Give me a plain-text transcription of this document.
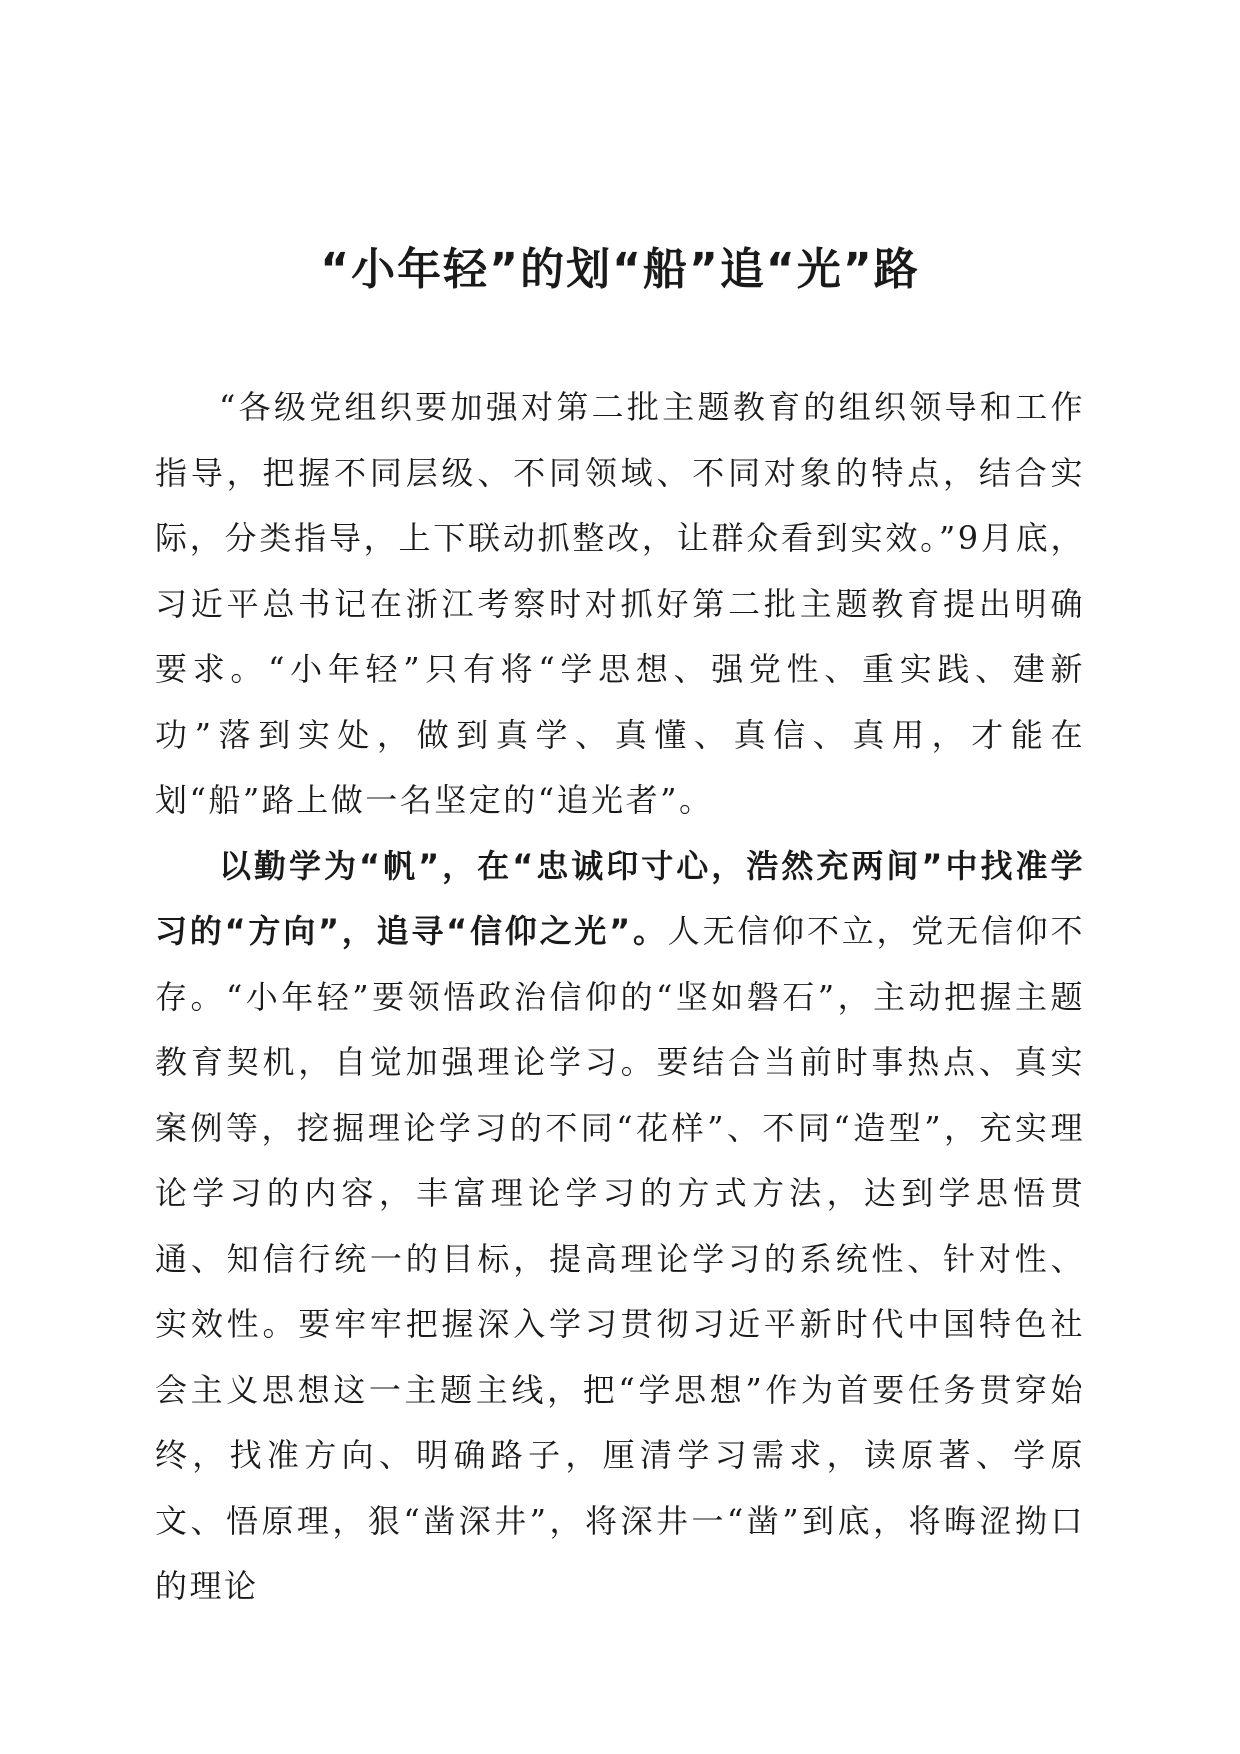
“小年轻”的划“船”追“光”路

“各级党组织要加强对第二批主题教育的组织领导和工作指导，把握不同层级、不同领域、不同对象的特点，结合实际，分类指导，上下联动抓整改，让群众看到实效。”9月底，习近平总书记在浙江考察时对抓好第二批主题教育提出明确要求。“小年轻”只有将“学思想、强党性、重实践、建新功”落到实处，做到真学、真懂、真信、真用，才能在划“船”路上做一名坚定的“追光者”。

以勤学为“帆”，在“忠诚印寸心，浩然充两间”中找准学习的“方向”，追寻“信仰之光”。人无信仰不立，党无信仰不存。“小年轻”要领悟政治信仰的“坚如磐石”，主动把握主题教育契机，自觉加强理论学习。要结合当前时事热点、真实案例等，挖掘理论学习的不同“花样”、不同“造型”，充实理论学习的内容，丰富理论学习的方式方法，达到学思悟贯通、知信行统一的目标，提高理论学习的系统性、针对性、实效性。要牢牢把握深入学习贯彻习近平新时代中国特色社会主义思想这一主题主线，把“学思想”作为首要任务贯穿始终，找准方向、明确路子，厘清学习需求，读原著、学原文、悟原理，狠“凿深井”，将深井一“凿”到底，将晦涩拗口的理论
